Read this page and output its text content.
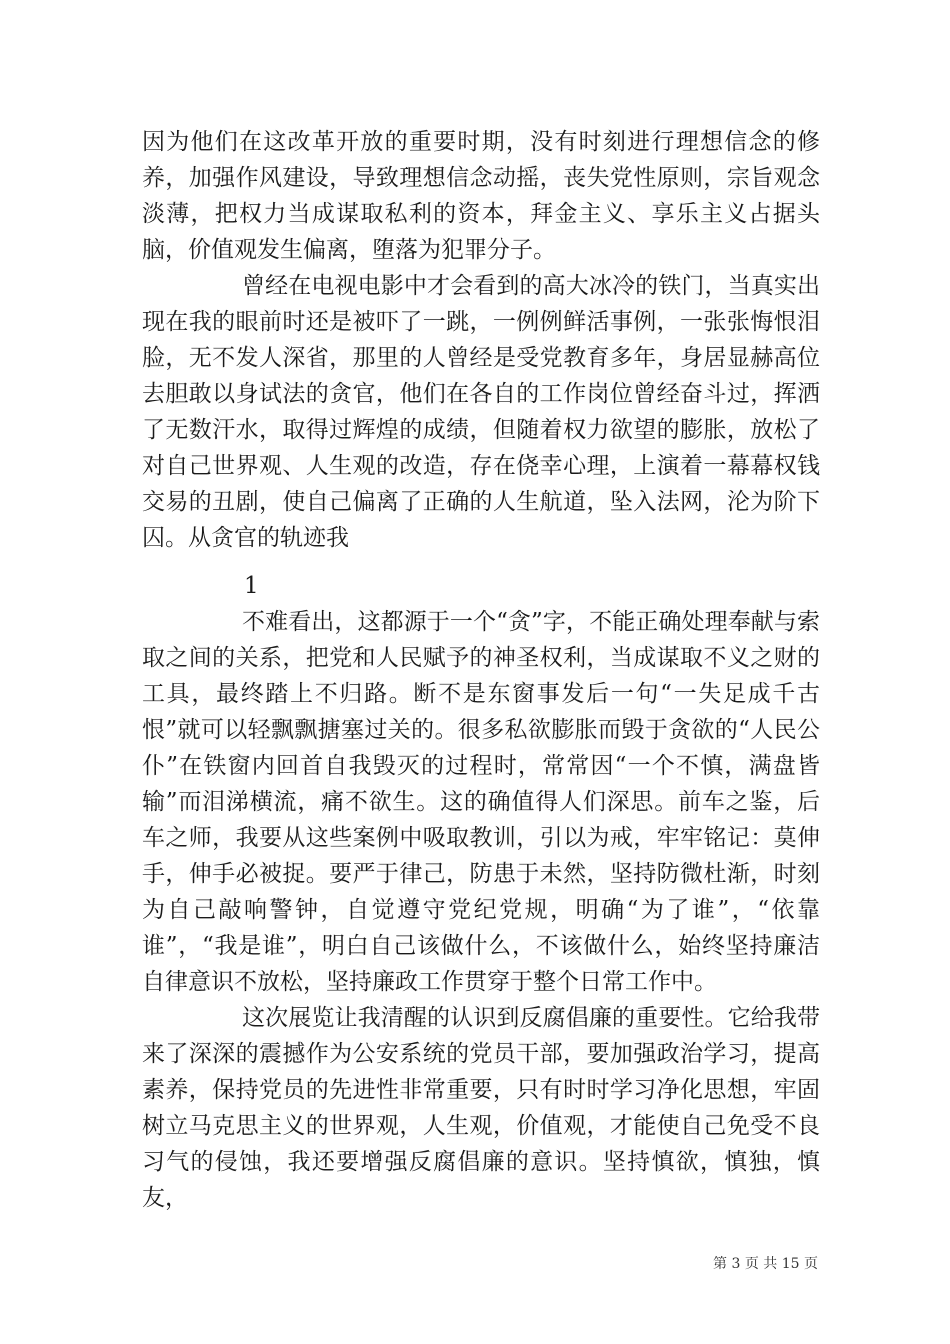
因为他们在这改革开放的重要时期，没有时刻进行理想信念的修养，加强作风建设，导致理想信念动摇，丧失党性原则，宗旨观念淡薄，把权力当成谋取私利的资本，拜金主义、享乐主义占据头脑，价值观发生偏离，堕落为犯罪分子。

曾经在电视电影中才会看到的高大冰冷的铁门，当真实出现在我的眼前时还是被吓了一跳，一例例鲜活事例，一张张悔恨泪脸，无不发人深省，那里的人曾经是受党教育多年，身居显赫高位去胆敢以身试法的贪官，他们在各自的工作岗位曾经奋斗过，挥洒了无数汗水，取得过辉煌的成绩，但随着权力欲望的膨胀，放松了对自己世界观、人生观的改造，存在侥幸心理，上演着一幕幕权钱交易的丑剧，使自己偏离了正确的人生航道，坠入法网，沦为阶下囚。从贪官的轨迹我

1

不难看出，这都源于一个“贪”字，不能正确处理奉献与索取之间的关系，把党和人民赋予的神圣权利，当成谋取不义之财的工具，最终踏上不归路。断不是东窗事发后一句“一失足成千古恨”就可以轻飘飘搪塞过关的。很多私欲膨胀而毁于贪欲的“人民公仆”在铁窗内回首自我毁灭的过程时，常常因“一个不慎，满盘皆输”而泪涕横流，痛不欲生。这的确值得人们深思。前车之鉴，后车之师，我要从这些案例中吸取教训，引以为戒，牢牢铭记：莫伸手，伸手必被捉。要严于律己，防患于未然，坚持防微杜渐，时刻为自己敲响警钟，自觉遵守党纪党规，明确“为了谁”，“依靠谁”，“我是谁”，明白自己该做什么，不该做什么，始终坚持廉洁自律意识不放松，坚持廉政工作贯穿于整个日常工作中。

这次展览让我清醒的认识到反腐倡廉的重要性。它给我带来了深深的震撼作为公安系统的党员干部，要加强政治学习，提高素养，保持党员的先进性非常重要，只有时时学习净化思想，牢固树立马克思主义的世界观，人生观，价值观，才能使自己免受不良习气的侵蚀，我还要增强反腐倡廉的意识。坚持慎欲，慎独，慎友，

第 3 页 共 15 页
